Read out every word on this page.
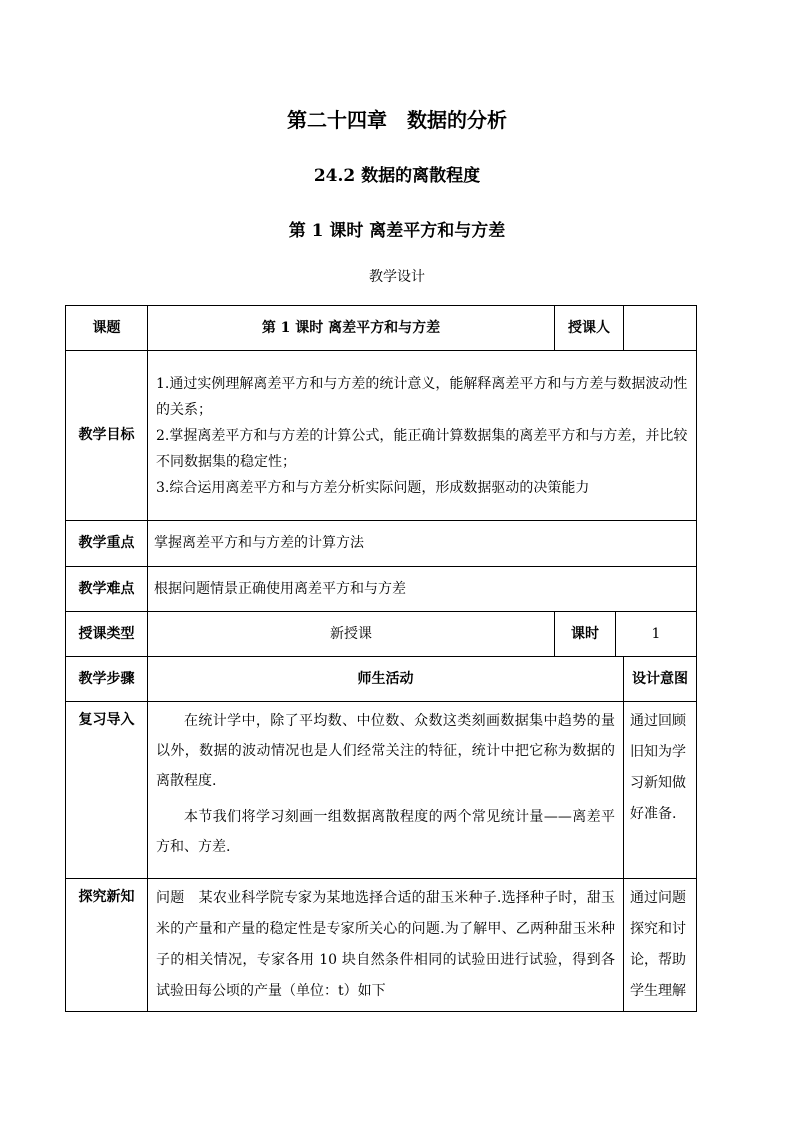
第二十四章　数据的分析
24.2 数据的离散程度
第 1 课时 离差平方和与方差
教学设计
课题	第 1 课时 离差平方和与方差	授课人		
教学目标	1.通过实例理解离差平方和与方差的统计意义，能解释离差平方和与方差与数据波动性的关系；
2.掌握离差平方和与方差的计算公式，能正确计算数据集的离差平方和与方差，并比较不同数据集的稳定性；
3.综合运用离差平方和与方差分析实际问题，形成数据驱动的决策能力			

教学重点	掌握离差平方和与方差的计算方法			
教学难点	根据问题情景正确使用离差平方和与方差			
授课类型	新授课	课时	1	
教学步骤	师生活动			设计意图
复习导入	在统计学中，除了平均数、中位数、众数这类刻画数据集中趋势的量以外，数据的波动情况也是人们经常关注的特征，统计中把它称为数据的离散程度.

本节我们将学习刻画一组数据离散程度的两个常见统计量——离差平方和、方差.			通过回顾旧知为学习新知做好准备.
探究新知	问题　某农业科学院专家为某地选择合适的甜玉米种子.选择种子时，甜玉米的产量和产量的稳定性是专家所关心的问题.为了解甲、乙两种甜玉米种子的相关情况，专家各用 10 块自然条件相同的试验田进行试验，得到各试验田每公顷的产量（单位：t）如下			通过问题探究和讨论，帮助学生理解
